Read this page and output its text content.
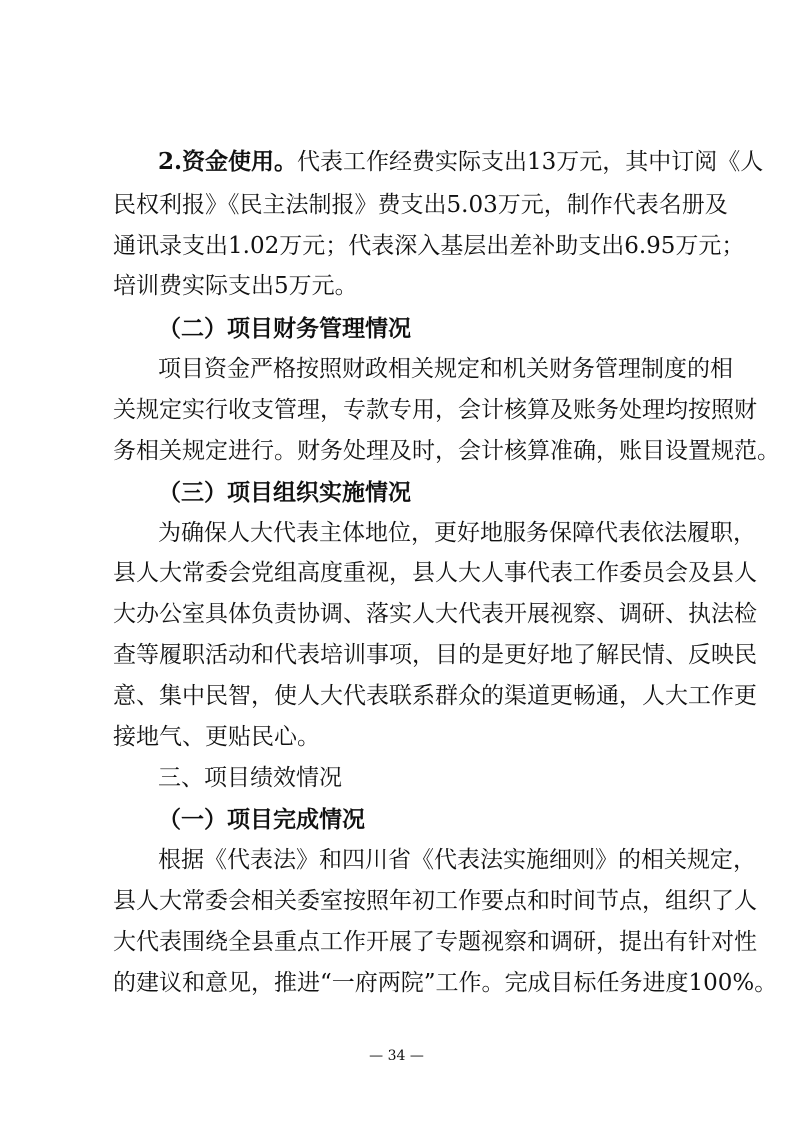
2.资金使用。代表工作经费实际支出13万元，其中订阅《人

民权利报》《民主法制报》费支出5.03万元，制作代表名册及

通讯录支出1.02万元；代表深入基层出差补助支出6.95万元；

培训费实际支出5万元。

（二）项目财务管理情况

项目资金严格按照财政相关规定和机关财务管理制度的相

关规定实行收支管理，专款专用，会计核算及账务处理均按照财

务相关规定进行。财务处理及时，会计核算准确，账目设置规范。

（三）项目组织实施情况

为确保人大代表主体地位，更好地服务保障代表依法履职，

县人大常委会党组高度重视，县人大人事代表工作委员会及县人

大办公室具体负责协调、落实人大代表开展视察、调研、执法检

查等履职活动和代表培训事项，目的是更好地了解民情、反映民

意、集中民智，使人大代表联系群众的渠道更畅通，人大工作更

接地气、更贴民心。

三、项目绩效情况

（一）项目完成情况

根据《代表法》和四川省《代表法实施细则》的相关规定，

县人大常委会相关委室按照年初工作要点和时间节点，组织了人

大代表围绕全县重点工作开展了专题视察和调研，提出有针对性

的建议和意见，推进“一府两院”工作。完成目标任务进度100%。

— 34 —
